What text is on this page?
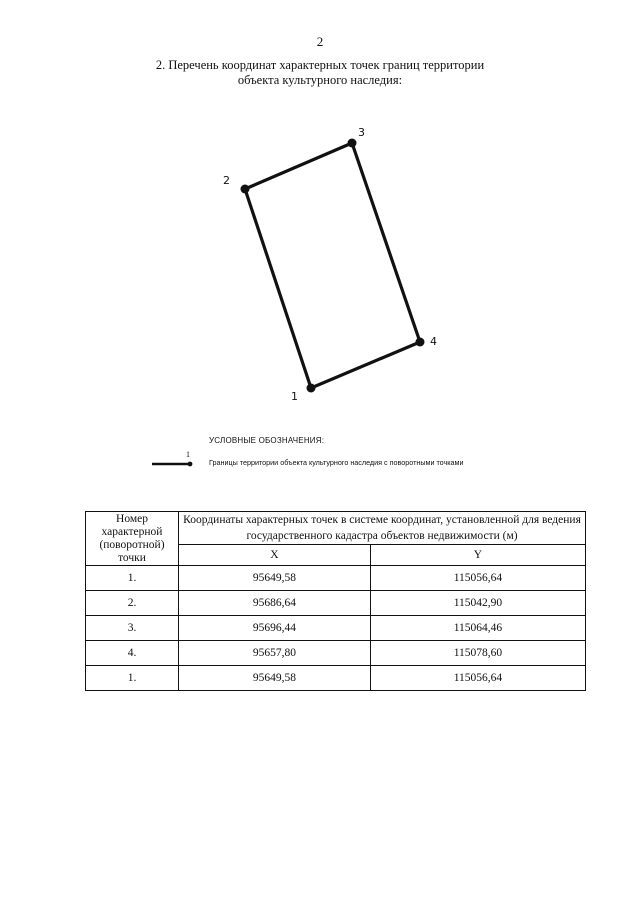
2
2. Перечень координат характерных точек границ территории
объекта культурного наследия:
1
2
3
4
УСЛОВНЫЕ ОБОЗНАЧЕНИЯ:
1
Границы территории объекта культурного наследия с поворотными точками
Номер характерной (поворотной) точки	Координаты характерных точек в системе координат, установленной для ведения государственного кадастра объектов недвижимости (м)	
	X	Y
1.	95649,58	115056,64
2.	95686,64	115042,90
3.	95696,44	115064,46
4.	95657,80	115078,60
1.	95649,58	115056,64
